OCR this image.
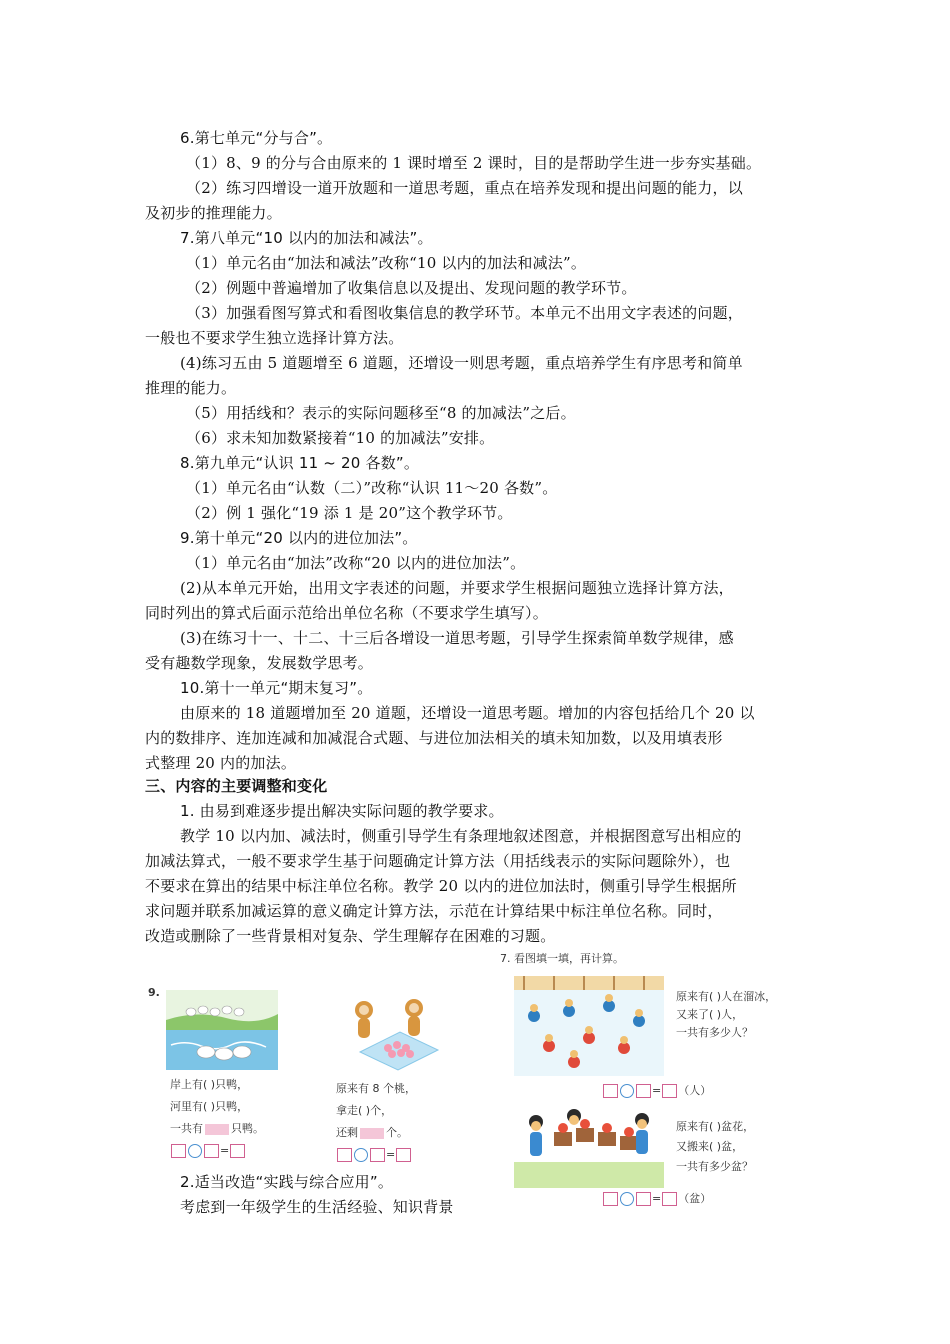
6.第七单元“分与合”。
（1）8、9 的分与合由原来的 1 课时增至 2 课时，目的是帮助学生进一步夯实基础。
（2）练习四增设一道开放题和一道思考题，重点在培养发现和提出问题的能力，以
及初步的推理能力。
7.第八单元“10 以内的加法和减法”。
（1）单元名由“加法和减法”改称“10 以内的加法和减法”。
（2）例题中普遍增加了收集信息以及提出、发现问题的教学环节。
（3）加强看图写算式和看图收集信息的教学环节。本单元不出用文字表述的问题，
一般也不要求学生独立选择计算方法。
(4)练习五由 5 道题增至 6 道题，还增设一则思考题，重点培养学生有序思考和简单
推理的能力。
（5）用括线和？表示的实际问题移至“8 的加减法”之后。
（6）求未知加数紧接着“10 的加减法”安排。
8.第九单元“认识 11 ~ 20 各数”。
（1）单元名由“认数（二）”改称“认识 11～20 各数”。
（2）例 1 强化“19 添 1 是 20”这个教学环节。
9.第十单元“20 以内的进位加法”。
（1）单元名由“加法”改称“20 以内的进位加法”。
(2)从本单元开始，出用文字表述的问题，并要求学生根据问题独立选择计算方法，
同时列出的算式后面示范给出单位名称（不要求学生填写）。
(3)在练习十一、十二、十三后各增设一道思考题，引导学生探索简单数学规律，感
受有趣数学现象，发展数学思考。
10.第十一单元“期末复习”。
由原来的 18 道题增加至 20 道题，还增设一道思考题。增加的内容包括给几个 20 以
内的数排序、连加连减和加减混合式题、与进位加法相关的填未知加数，以及用填表形
式整理 20 内的加法。
三、内容的主要调整和变化
1. 由易到难逐步提出解决实际问题的教学要求。
教学 10 以内加、减法时，侧重引导学生有条理地叙述图意，并根据图意写出相应的
加减法算式，一般不要求学生基于问题确定计算方法（用括线表示的实际问题除外），也
不要求在算出的结果中标注单位名称。教学 20 以内的进位加法时，侧重引导学生根据所
求问题并联系加减运算的意义确定计算方法，示范在计算结果中标注单位名称。同时，
改造或删除了一些背景相对复杂、学生理解存在困难的习题。
9.
岸上有( )只鸭，
河里有( )只鸭，
一共有	只鸭。
=
原来有 8 个桃，
拿走( )个，
还剩	个。
=
7. 看图填一填，再计算。
原来有( )人在溜冰，
又来了( )人，
一共有多少人？
= （人）
原来有( )盆花，
又搬来( )盆，
一共有多少盆？
= （盆）
2.适当改造“实践与综合应用”。
考虑到一年级学生的生活经验、知识背景
